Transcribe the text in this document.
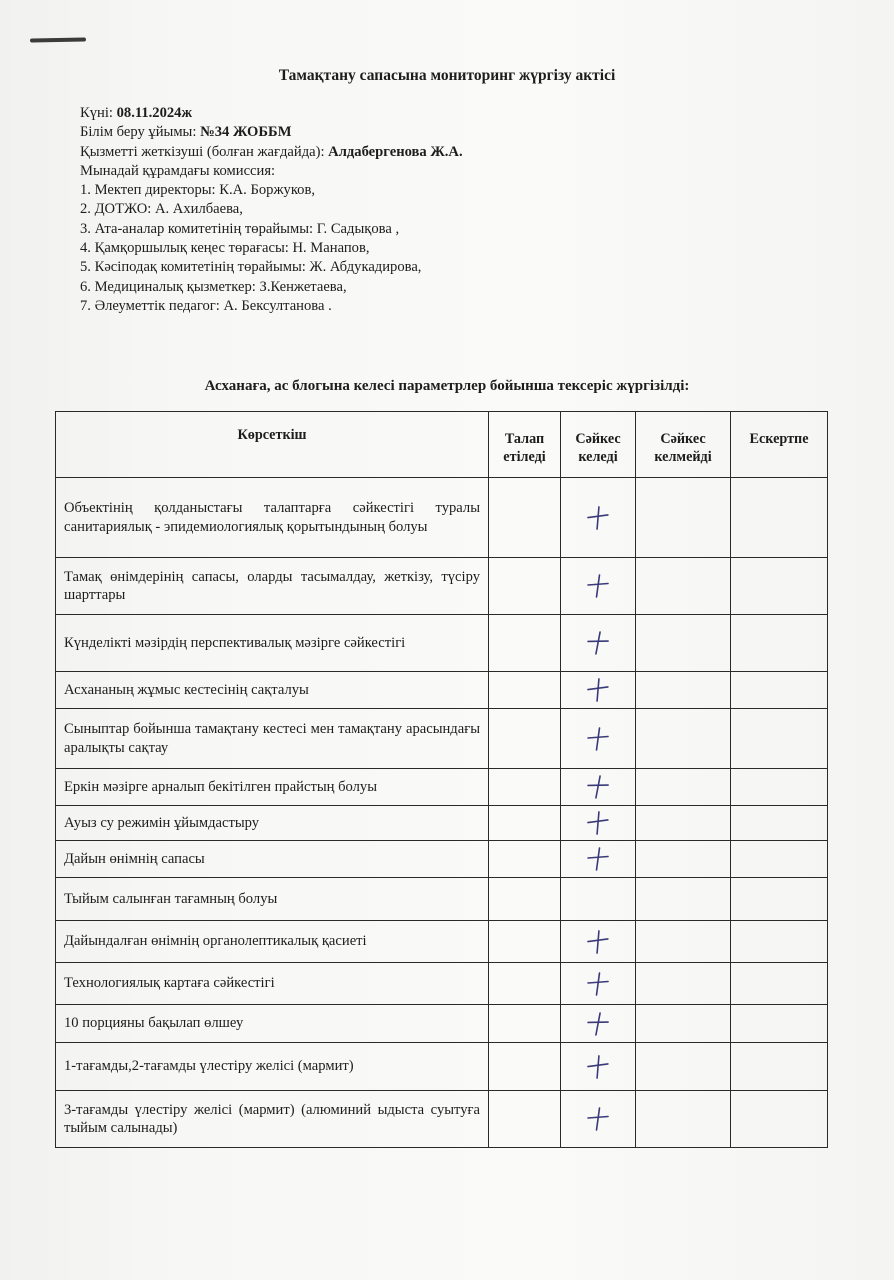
Тамақтану сапасына мониторинг жүргізу актісі
Күні: 08.11.2024ж
Білім беру ұйымы: №34 ЖОББМ
Қызметті жеткізуші (болған жағдайда): Алдабергенова Ж.А.
Мынадай құрамдағы комиссия:
1. Мектеп директоры: К.А. Боржуков,
2. ДОТЖО: А. Ахилбаева,
3. Ата-аналар комитетінің төрайымы: Г. Садықова ,
4. Қамқоршылық кеңес төрағасы: Н. Манапов,
5. Кәсіподақ комитетінің төрайымы: Ж. Абдукадирова,
6. Медициналық қызметкер: З.Кенжетаева,
7. Әлеуметтік педагог: А. Бексултанова .
Асханаға, ас блогына келесі параметрлер бойынша тексеріс жүргізілді:
Көрсеткіш	Талап етіледі	Сәйкес келеді	Сәйкес келмейді	Ескертпе
Объектінің қолданыстағы талаптарға сәйкестігі туралы санитариялық - эпидемиологиялық қорытындының болуы				
Тамақ өнімдерінің сапасы, оларды тасымалдау, жеткізу, түсіру шарттары				
Күнделікті мәзірдің перспективалық мәзірге сәйкестігі				
Асхананың жұмыс кестесінің сақталуы				
Сыныптар бойынша тамақтану кестесі мен тамақтану арасындағы аралықты сақтау				
Еркін мәзірге арналып бекітілген прайстың болуы				
Ауыз су режимін ұйымдастыру				
Дайын өнімнің сапасы				
Тыйым салынған тағамның болуы				
Дайындалған өнімнің органолептикалық қасиеті				
Технологиялық картаға сәйкестігі				
10 порцияны бақылап өлшеу				
1-тағамды,2-тағамды үлестіру желісі (мармит)				
3-тағамды үлестіру желісі (мармит) (алюминий ыдыста суытуға тыйым салынады)				
